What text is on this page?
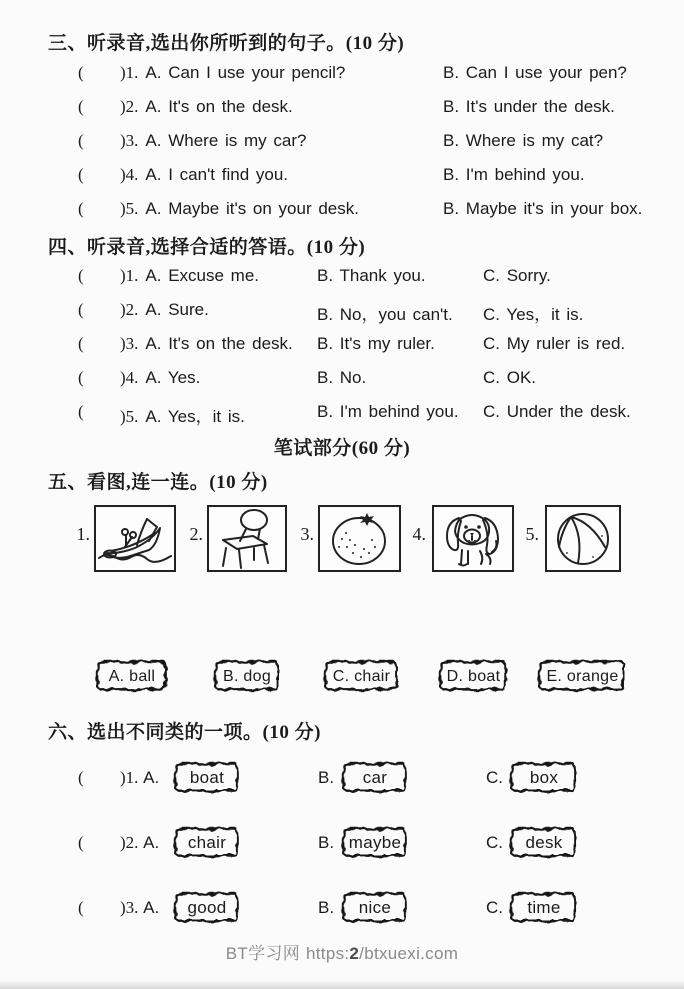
三、听录音,选出你所听到的句子。(10 分)
( )1. A. Can I use your pencil?	B. Can I use your pen?
( )2. A. It's on the desk.	B. It's under the desk.
( )3. A. Where is my car?	B. Where is my cat?
( )4. A. I can't find you.	B. I'm behind you.
( )5. A. Maybe it's on your desk.	B. Maybe it's in your box.
四、听录音,选择合适的答语。(10 分)
( )1. A. Excuse me.	B. Thank you.	C. Sorry.
( )2. A. Sure.	B. No，you can't. C. Yes，it is.
( )3. A. It's on the desk. B. It's my ruler.	C. My ruler is red.
( )4. A. Yes.	B. No.	C. OK.
( )5. A. Yes，it is.	B. I'm behind you. C. Under the desk.
笔试部分(60 分)
五、看图,连一连。(10 分)
1.	2.	3.	4.	5.
A. ball	B. dog	C. chair	D. boat	E. orange
六、选出不同类的一项。(10 分)
( )1. A. boat	B. car	C. box
( )2. A. chair	B. maybe	C. desk
( )3. A. good	B. nice	C. time
BT学习网 https:2/btxuexi.com
